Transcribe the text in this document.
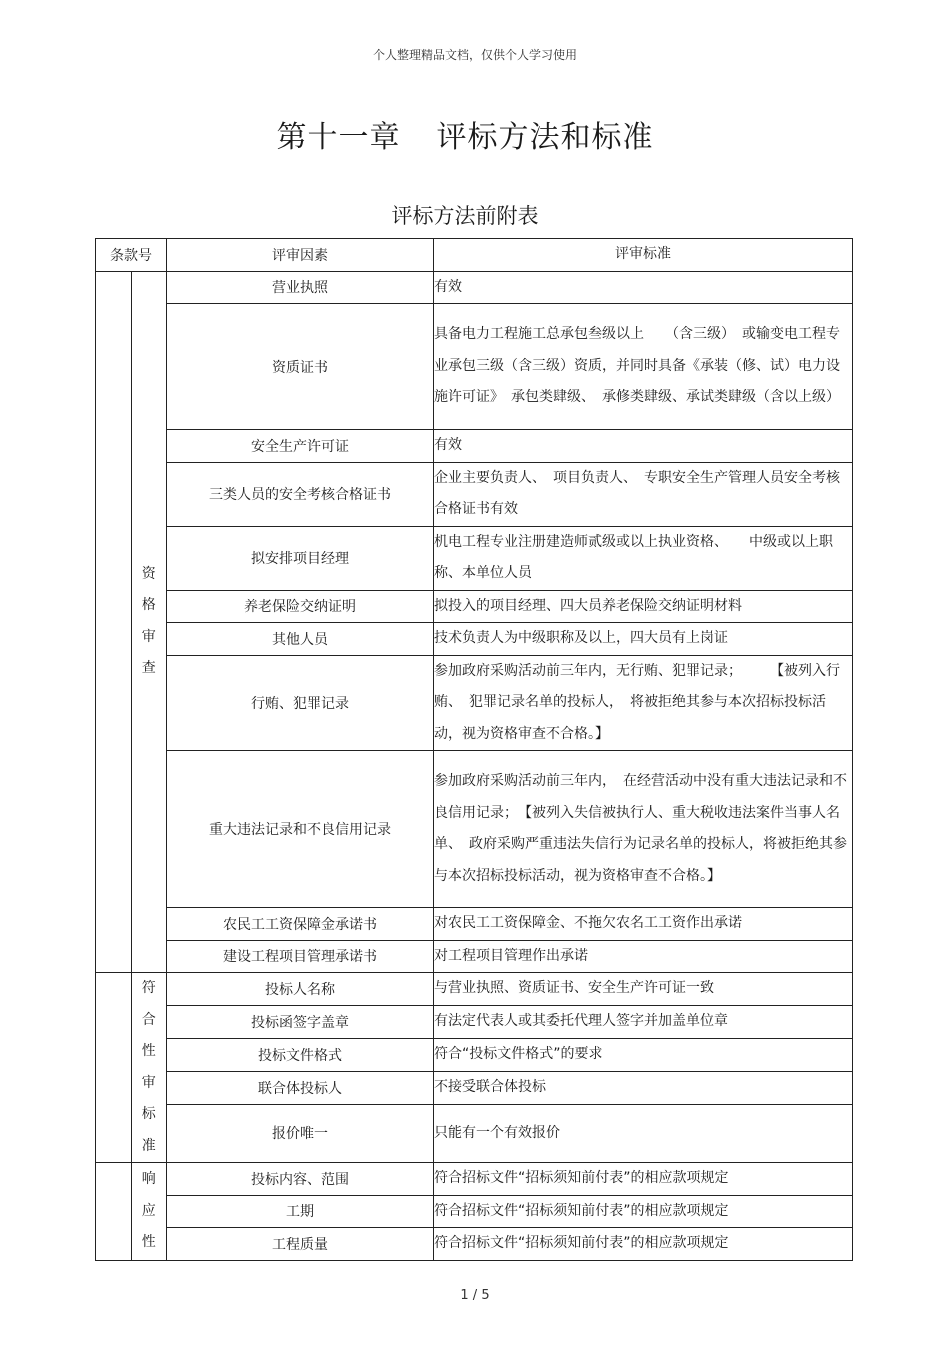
个人整理精品文档，仅供个人学习使用
第十一章 评标方法和标准
评标方法前附表
条款号		评审因素	评审标准

	资格审查	营业执照	有效
		资质证书	具备电力工程施工总承包叁级以上　　（含三级）　或输变电工程专业承包三级（含三级）资质，并同时具备《承装（修、试）电力设施许可证》　承包类肆级、　承修类肆级、承试类肆级（含以上级）
		安全生产许可证	有效
		三类人员的安全考核合格证书	企业主要负责人、　项目负责人、　专职安全生产管理人员安全考核合格证书有效
		拟安排项目经理	机电工程专业注册建造师贰级或以上执业资格、　　中级或以上职称、本单位人员
		养老保险交纳证明	拟投入的项目经理、四大员养老保险交纳证明材料
		其他人员	技术负责人为中级职称及以上，四大员有上岗证
		行贿、犯罪记录	参加政府采购活动前三年内，无行贿、犯罪记录；　　　【被列入行贿、　犯罪记录名单的投标人，　将被拒绝其参与本次招标投标活动，视为资格审查不合格。】
		重大违法记录和不良信用记录	参加政府采购活动前三年内，　在经营活动中没有重大违法记录和不良信用记录；　【被列入失信被执行人、重大税收违法案件当事人名单、　政府采购严重违法失信行为记录名单的投标人，将被拒绝其参与本次招标投标活动，视为资格审查不合格。】
		农民工工资保障金承诺书	对农民工工资保障金、不拖欠农名工工资作出承诺
		建设工程项目管理承诺书	对工程项目管理作出承诺

	符合性审标准	投标人名称	与营业执照、资质证书、安全生产许可证一致
		投标函签字盖章	有法定代表人或其委托代理人签字并加盖单位章
		投标文件格式	符合“投标文件格式”的要求
		联合体投标人	不接受联合体投标
		报价唯一	只能有一个有效报价

	响应性	投标内容、范围	符合招标文件“招标须知前付表”的相应款项规定
		工期	符合招标文件“招标须知前付表”的相应款项规定
		工程质量	符合招标文件“招标须知前付表”的相应款项规定
1 / 5
